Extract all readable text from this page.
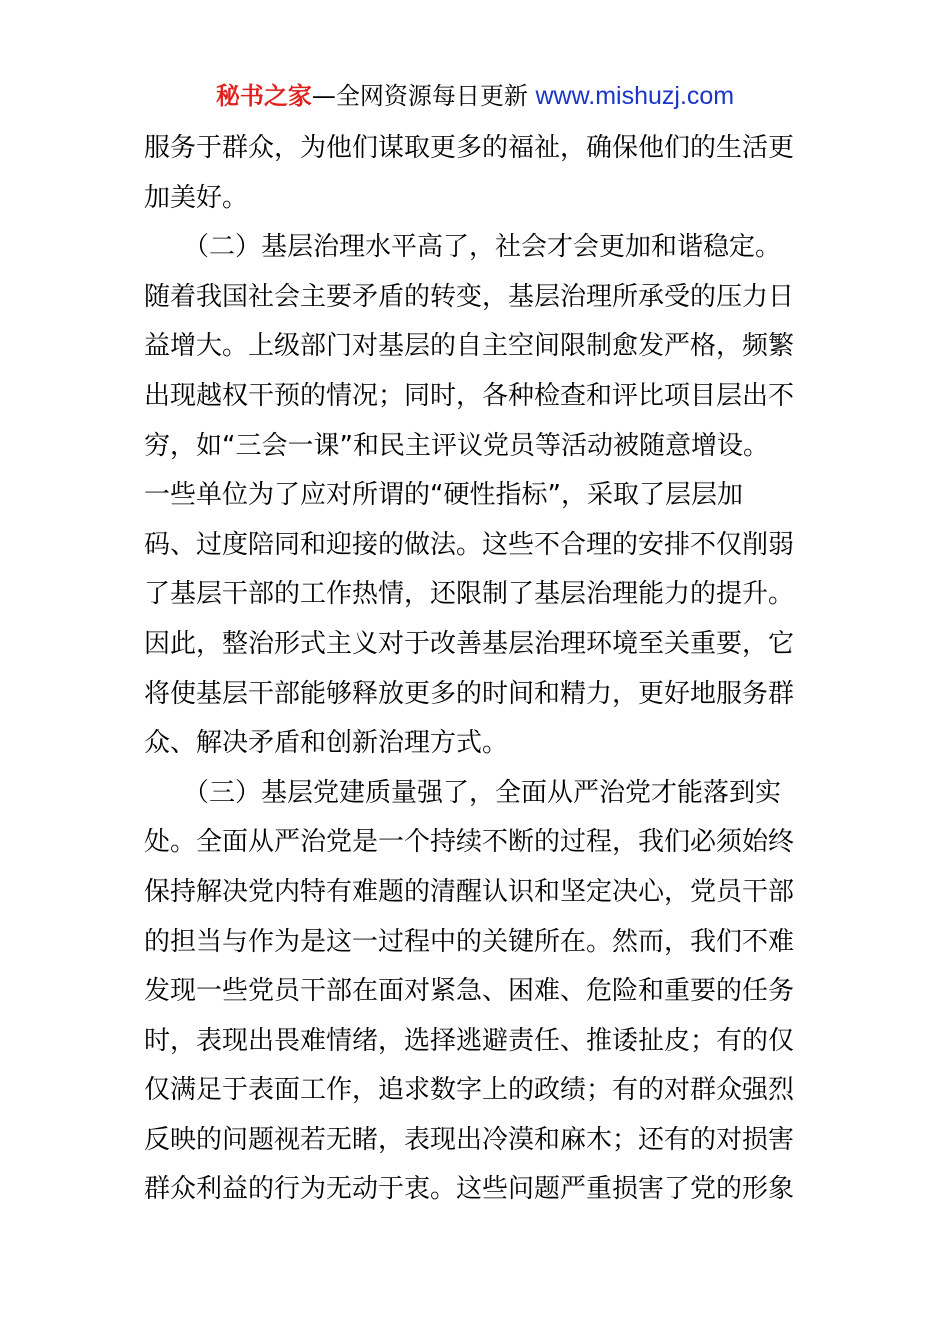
秘书之家—全网资源每日更新 www.mishuzj.com
服务于群众，为他们谋取更多的福祉，确保他们的生活更
加美好。
　　（二）基层治理水平高了，社会才会更加和谐稳定。
随着我国社会主要矛盾的转变，基层治理所承受的压力日
益增大。上级部门对基层的自主空间限制愈发严格，频繁
出现越权干预的情况；同时，各种检查和评比项目层出不
穷，如“三会一课”和民主评议党员等活动被随意增设。
一些单位为了应对所谓的“硬性指标”，采取了层层加
码、过度陪同和迎接的做法。这些不合理的安排不仅削弱
了基层干部的工作热情，还限制了基层治理能力的提升。
因此，整治形式主义对于改善基层治理环境至关重要，它
将使基层干部能够释放更多的时间和精力，更好地服务群
众、解决矛盾和创新治理方式。
　　（三）基层党建质量强了，全面从严治党才能落到实
处。全面从严治党是一个持续不断的过程，我们必须始终
保持解决党内特有难题的清醒认识和坚定决心，党员干部
的担当与作为是这一过程中的关键所在。然而，我们不难
发现一些党员干部在面对紧急、困难、危险和重要的任务
时，表现出畏难情绪，选择逃避责任、推诿扯皮；有的仅
仅满足于表面工作，追求数字上的政绩；有的对群众强烈
反映的问题视若无睹，表现出冷漠和麻木；还有的对损害
群众利益的行为无动于衷。这些问题严重损害了党的形象
